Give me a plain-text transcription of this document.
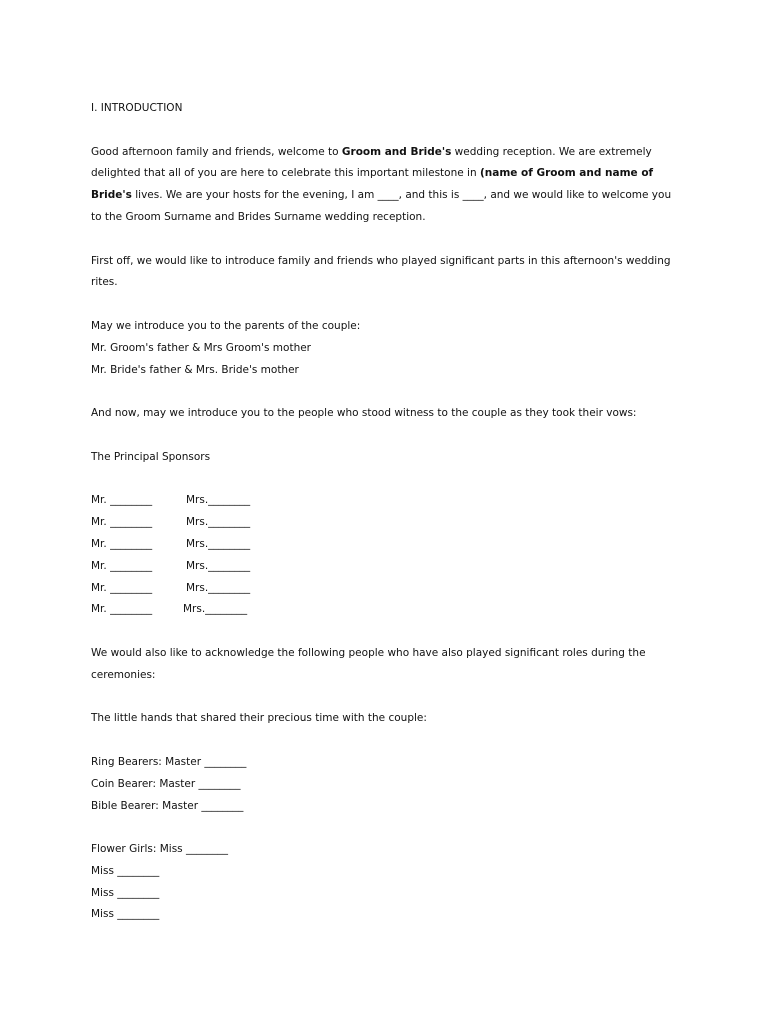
I. INTRODUCTION
Good afternoon family and friends, welcome to Groom and Bride's wedding reception. We are extremely
delighted that all of you are here to celebrate this important milestone in (name of Groom and name of
Bride's lives. We are your hosts for the evening, I am ____, and this is ____, and we would like to welcome you
to the Groom Surname and Brides Surname wedding reception.
First off, we would like to introduce family and friends who played significant parts in this afternoon's wedding
rites.
May we introduce you to the parents of the couple:
Mr. Groom's father & Mrs Groom's mother
Mr. Bride's father & Mrs. Bride's mother
And now, may we introduce you to the people who stood witness to the couple as they took their vows:
The Principal Sponsors
Mr. ________	Mrs.________
Mr. ________	Mrs.________
Mr. ________	Mrs.________
Mr. ________	Mrs.________
Mr. ________	Mrs.________
Mr. ________	Mrs.________
We would also like to acknowledge the following people who have also played significant roles during the
ceremonies:
The little hands that shared their precious time with the couple:
Ring Bearers: Master ________
Coin Bearer: Master ________
Bible Bearer: Master ________
Flower Girls: Miss ________
Miss ________
Miss ________
Miss ________
